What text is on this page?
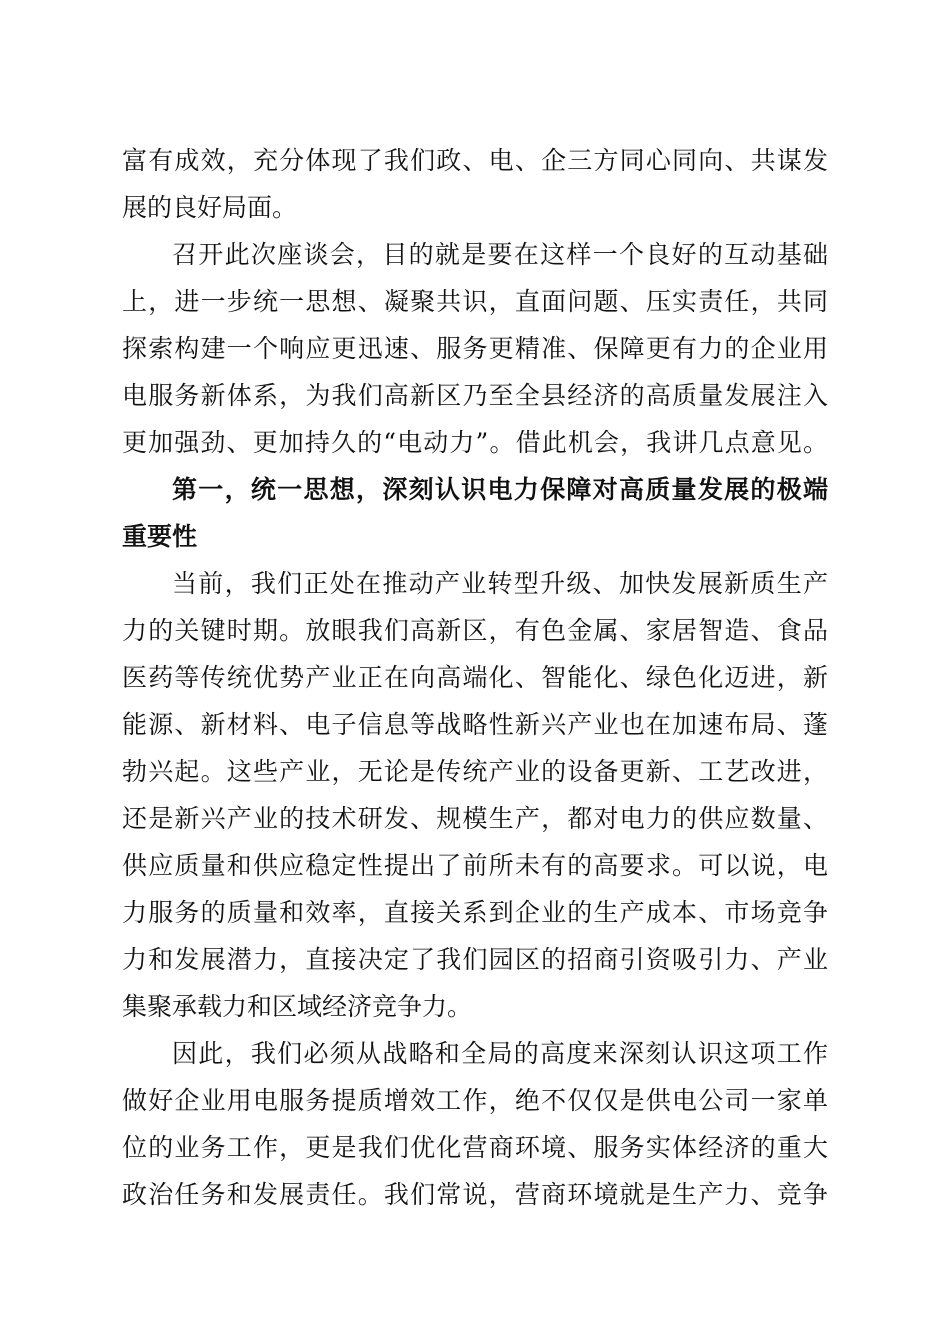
富有成效，充分体现了我们政、电、企三方同心同向、共谋发
展的良好局面。
召开此次座谈会，目的就是要在这样一个良好的互动基础
上，进一步统一思想、凝聚共识，直面问题、压实责任，共同
探索构建一个响应更迅速、服务更精准、保障更有力的企业用
电服务新体系，为我们高新区乃至全县经济的高质量发展注入
更加强劲、更加持久的“电动力”。借此机会，我讲几点意见。
第一，统一思想，深刻认识电力保障对高质量发展的极端
重要性
当前，我们正处在推动产业转型升级、加快发展新质生产
力的关键时期。放眼我们高新区，有色金属、家居智造、食品
医药等传统优势产业正在向高端化、智能化、绿色化迈进，新
能源、新材料、电子信息等战略性新兴产业也在加速布局、蓬
勃兴起。这些产业，无论是传统产业的设备更新、工艺改进，
还是新兴产业的技术研发、规模生产，都对电力的供应数量、
供应质量和供应稳定性提出了前所未有的高要求。可以说，电
力服务的质量和效率，直接关系到企业的生产成本、市场竞争
力和发展潜力，直接决定了我们园区的招商引资吸引力、产业
集聚承载力和区域经济竞争力。
因此，我们必须从战略和全局的高度来深刻认识这项工作
做好企业用电服务提质增效工作，绝不仅仅是供电公司一家单
位的业务工作，更是我们优化营商环境、服务实体经济的重大
政治任务和发展责任。我们常说，营商环境就是生产力、竞争
